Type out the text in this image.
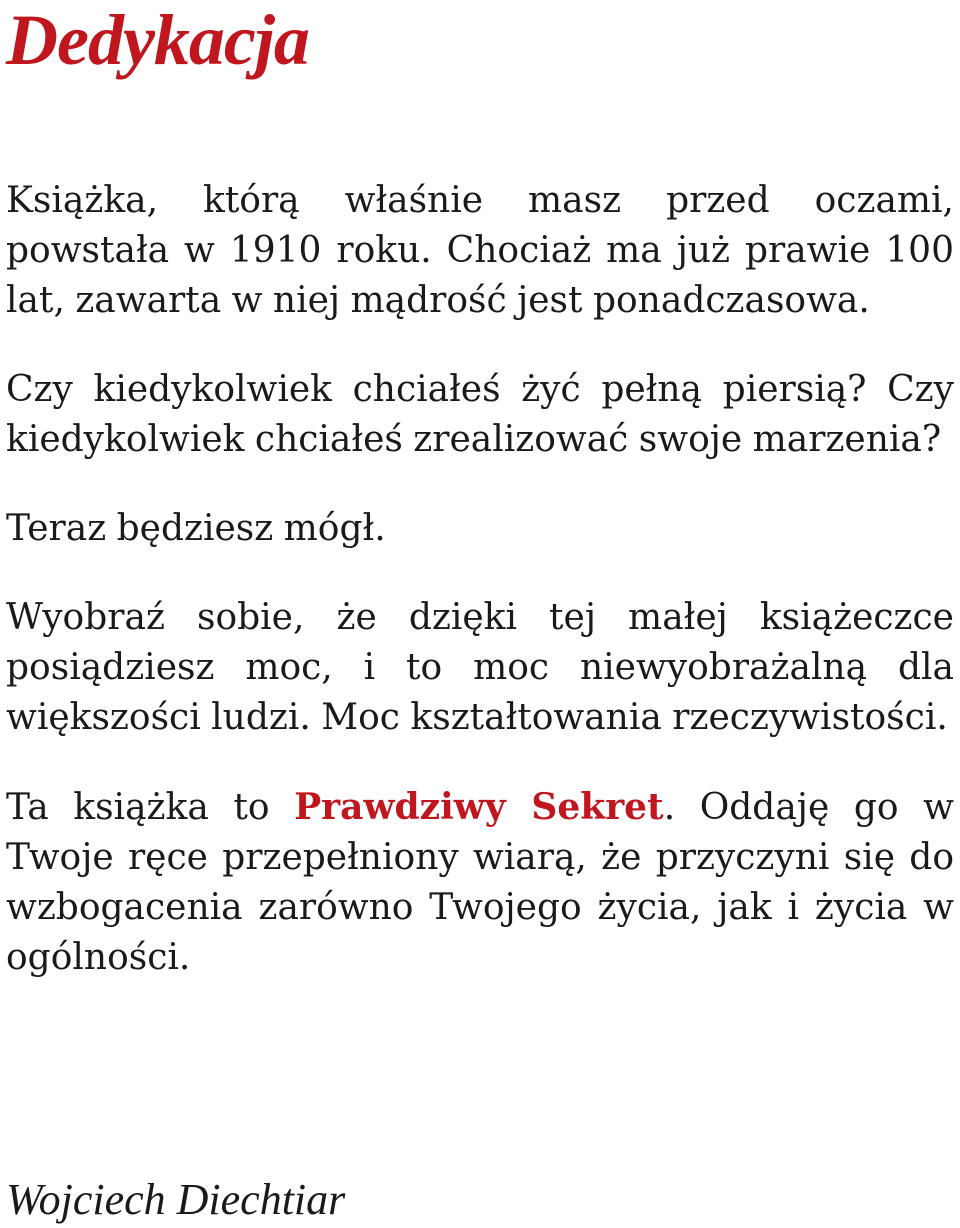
Dedykacja

Książka, którą właśnie masz przed oczami, powstała w 1910 roku. Chociaż ma już prawie 100 lat, zawarta w niej mądrość jest ponadczasowa.

Czy kiedykolwiek chciałeś żyć pełną piersią? Czy kiedykolwiek chciałeś zrealizować swoje marzenia?

Teraz będziesz mógł.

Wyobraź sobie, że dzięki tej małej książeczce posiądziesz moc, i to moc niewyobrażalną dla większości ludzi. Moc kształtowania rzeczywistości.

Ta książka to Prawdziwy Sekret. Oddaję go w Twoje ręce przepełniony wiarą, że przyczyni się do wzbogacenia zarówno Twojego życia, jak i życia w ogólności.

Wojciech Diechtiar
